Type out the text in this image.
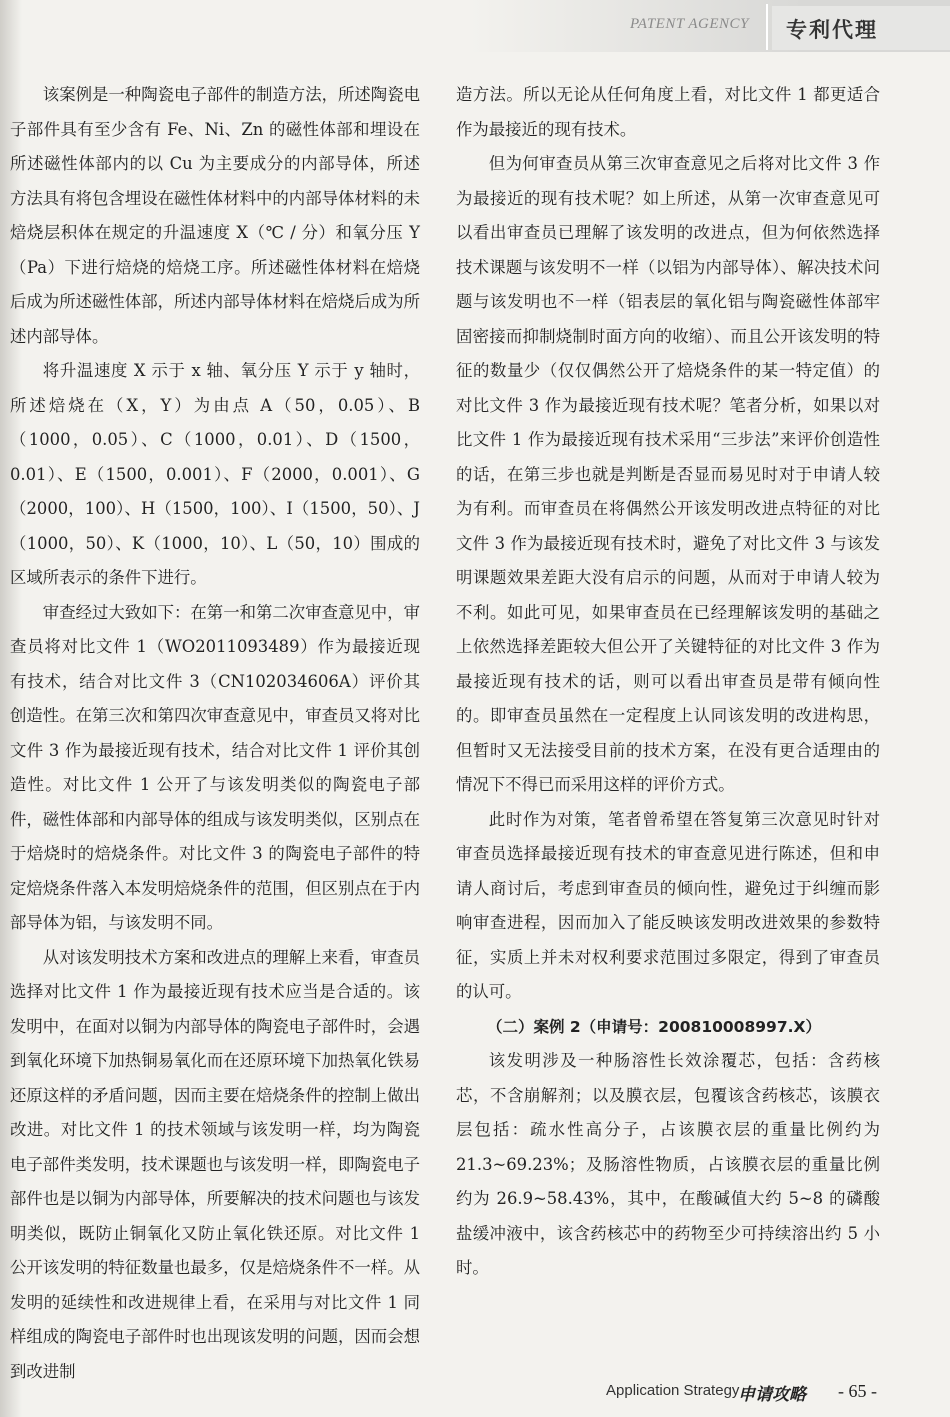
PATENT AGENCY	专利代理

该案例是一种陶瓷电子部件的制造方法，所述陶瓷电子部件具有至少含有 Fe、Ni、Zn 的磁性体部和埋设在所述磁性体部内的以 Cu 为主要成分的内部导体，所述方法具有将包含埋设在磁性体材料中的内部导体材料的未焙烧层积体在规定的升温速度 X（℃ / 分）和氧分压 Y（Pa）下进行焙烧的焙烧工序。所述磁性体材料在焙烧后成为所述磁性体部，所述内部导体材料在焙烧后成为所述内部导体。

将升温速度 X 示于 x 轴、氧分压 Y 示于 y 轴时，所述焙烧在（X，Y）为由点 A（50，0.05）、B（1000，0.05）、C（1000，0.01）、D（1500，0.01）、E（1500，0.001）、F（2000，0.001）、G（2000，100）、H（1500，100）、I（1500，50）、J（1000，50）、K（1000，10）、L（50，10）围成的区域所表示的条件下进行。

审查经过大致如下：在第一和第二次审查意见中，审查员将对比文件 1（WO2011093489）作为最接近现有技术，结合对比文件 3（CN102034606A）评价其创造性。在第三次和第四次审查意见中，审查员又将对比文件 3 作为最接近现有技术，结合对比文件 1 评价其创造性。对比文件 1 公开了与该发明类似的陶瓷电子部件，磁性体部和内部导体的组成与该发明类似，区别点在于焙烧时的焙烧条件。对比文件 3 的陶瓷电子部件的特定焙烧条件落入本发明焙烧条件的范围，但区别点在于内部导体为铝，与该发明不同。

从对该发明技术方案和改进点的理解上来看，审查员选择对比文件 1 作为最接近现有技术应当是合适的。该发明中，在面对以铜为内部导体的陶瓷电子部件时，会遇到氧化环境下加热铜易氧化而在还原环境下加热氧化铁易还原这样的矛盾问题，因而主要在焙烧条件的控制上做出改进。对比文件 1 的技术领域与该发明一样，均为陶瓷电子部件类发明，技术课题也与该发明一样，即陶瓷电子部件也是以铜为内部导体，所要解决的技术问题也与该发明类似，既防止铜氧化又防止氧化铁还原。对比文件 1 公开该发明的特征数量也最多，仅是焙烧条件不一样。从发明的延续性和改进规律上看，在采用与对比文件 1 同样组成的陶瓷电子部件时也出现该发明的问题，因而会想到改进制

造方法。所以无论从任何角度上看，对比文件 1 都更适合作为最接近的现有技术。

但为何审查员从第三次审查意见之后将对比文件 3 作为最接近的现有技术呢？如上所述，从第一次审查意见可以看出审查员已理解了该发明的改进点，但为何依然选择技术课题与该发明不一样（以铝为内部导体）、解决技术问题与该发明也不一样（铝表层的氧化铝与陶瓷磁性体部牢固密接而抑制烧制时面方向的收缩）、而且公开该发明的特征的数量少（仅仅偶然公开了焙烧条件的某一特定值）的对比文件 3 作为最接近现有技术呢？笔者分析，如果以对比文件 1 作为最接近现有技术采用“三步法”来评价创造性的话，在第三步也就是判断是否显而易见时对于申请人较为有利。而审查员在将偶然公开该发明改进点特征的对比文件 3 作为最接近现有技术时，避免了对比文件 3 与该发明课题效果差距大没有启示的问题，从而对于申请人较为不利。如此可见，如果审查员在已经理解该发明的基础之上依然选择差距较大但公开了关键特征的对比文件 3 作为最接近现有技术的话，则可以看出审查员是带有倾向性的。即审查员虽然在一定程度上认同该发明的改进构思，但暂时又无法接受目前的技术方案，在没有更合适理由的情况下不得已而采用这样的评价方式。

此时作为对策，笔者曾希望在答复第三次意见时针对审查员选择最接近现有技术的审查意见进行陈述，但和申请人商讨后，考虑到审查员的倾向性，避免过于纠缠而影响审查进程，因而加入了能反映该发明改进效果的参数特征，实质上并未对权利要求范围过多限定，得到了审查员的认可。

（二）案例 2（申请号：200810008997.X）

该发明涉及一种肠溶性长效涂覆芯，包括：含药核芯，不含崩解剂；以及膜衣层，包覆该含药核芯，该膜衣层包括：疏水性高分子，占该膜衣层的重量比例约为 21.3~69.23%；及肠溶性物质，占该膜衣层的重量比例约为 26.9~58.43%，其中，在酸碱值大约 5~8 的磷酸盐缓冲液中，该含药核芯中的药物至少可持续溶出约 5 小时。

Application Strategy
申请攻略 - 65 -
